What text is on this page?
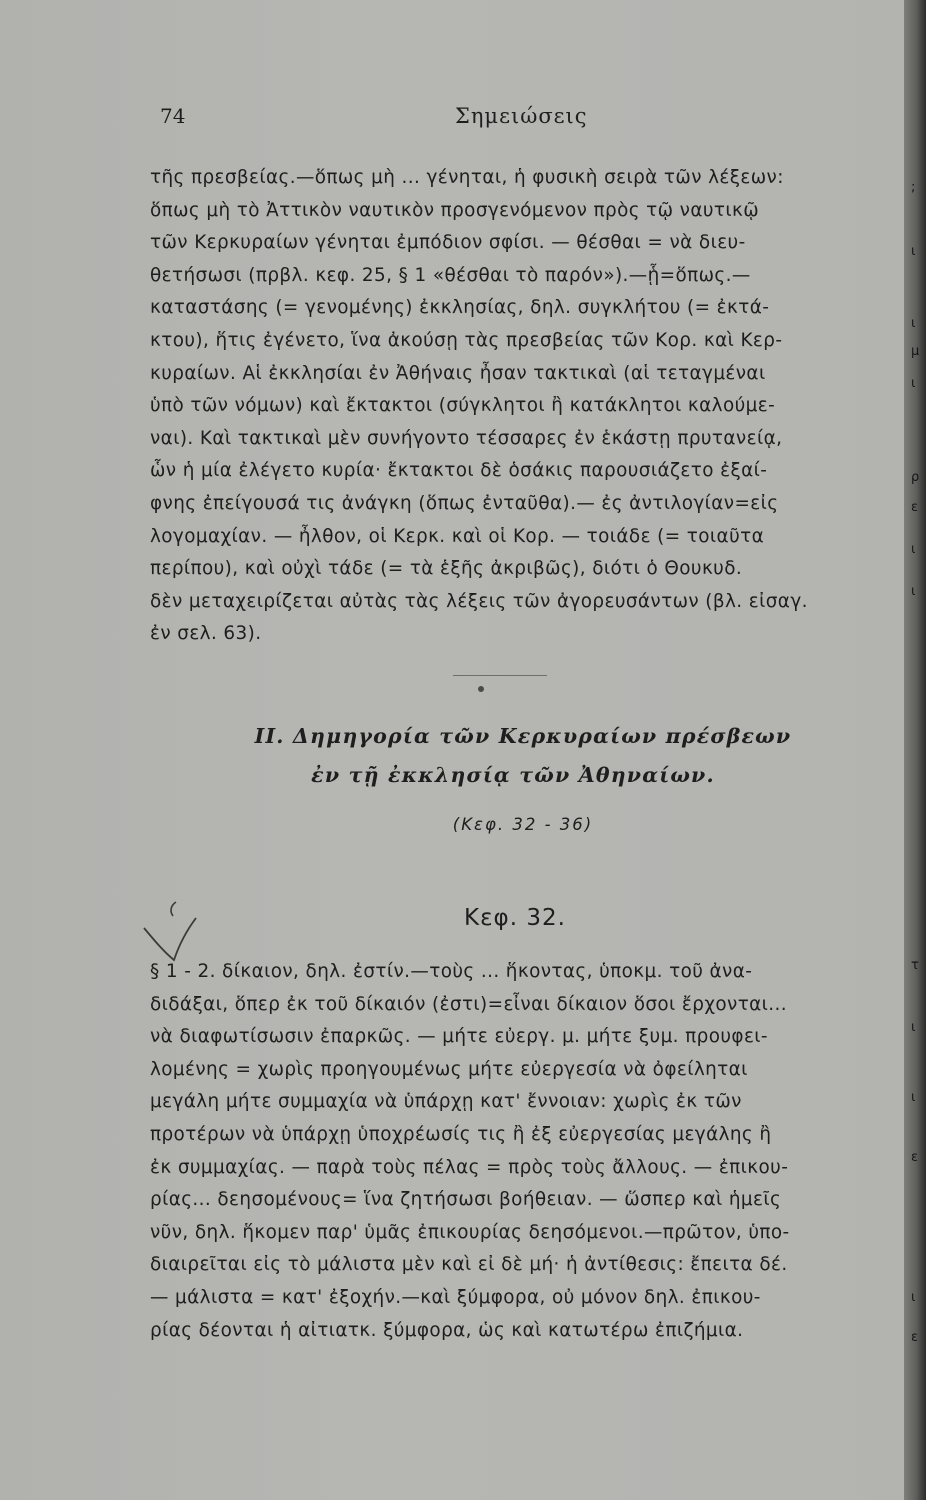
74	Σημειώσεις

τῆς πρεσβείας.—ὅπως μὴ ... γένηται, ἡ φυσικὴ σειρὰ τῶν λέξεων:
ὅπως μὴ τὸ Ἀττικὸν ναυτικὸν προσγενόμενον πρὸς τῷ ναυτικῷ
τῶν Κερκυραίων γένηται ἐμπόδιον σφίσι. — θέσθαι = νὰ διευ-
θετήσωσι (πρβλ. κεφ. 25, § 1 «θέσθαι τὸ παρόν»).—ᾗ=ὅπως.—
καταστάσης (= γενομένης) ἐκκλησίας, δηλ. συγκλήτου (= ἐκτά-
κτου), ἥτις ἐγένετο, ἵνα ἀκούσῃ τὰς πρεσβείας τῶν Κορ. καὶ Κερ-
κυραίων. Αἱ ἐκκλησίαι ἐν Ἀθήναις ἦσαν τακτικαὶ (αἱ τεταγμέναι
ὑπὸ τῶν νόμων) καὶ ἔκτακτοι (σύγκλητοι ἢ κατάκλητοι καλούμε-
ναι). Καὶ τακτικαὶ μὲν συνήγοντο τέσσαρες ἐν ἑκάστῃ πρυτανείᾳ,
ὧν ἡ μία ἐλέγετο κυρία· ἔκτακτοι δὲ ὁσάκις παρουσιάζετο ἐξαί-
φνης ἐπείγουσά τις ἀνάγκη (ὅπως ἐνταῦθα).— ἐς ἀντιλογίαν=εἰς
λογομαχίαν. — ἦλθον, οἱ Κερκ. καὶ οἱ Κορ. — τοιάδε (= τοιαῦτα
περίπου), καὶ οὐχὶ τάδε (= τὰ ἑξῆς ἀκριβῶς), διότι ὁ Θουκυδ.
δὲν μεταχειρίζεται αὐτὰς τὰς λέξεις τῶν ἀγορευσάντων (βλ. εἰσαγ.
ἐν σελ. 63).

II. Δημηγορία τῶν Κερκυραίων πρέσβεων
ἐν τῇ ἐκκλησίᾳ τῶν Ἀθηναίων.
(Κεφ. 32 - 36)
Κεφ. 32.

§ 1 - 2. δίκαιον, δηλ. ἐστίν.—τοὺς ... ἥκοντας, ὑποκμ. τοῦ ἀνα-
διδάξαι, ὅπερ ἐκ τοῦ δίκαιόν (ἐστι)=εἶναι δίκαιον ὅσοι ἔρχονται...
νὰ διαφωτίσωσιν ἐπαρκῶς. — μήτε εὐεργ. μ. μήτε ξυμ. προυφει-
λομένης = χωρὶς προηγουμένως μήτε εὐεργεσία νὰ ὀφείληται
μεγάλη μήτε συμμαχία νὰ ὑπάρχῃ κατ' ἔννοιαν: χωρὶς ἐκ τῶν
προτέρων νὰ ὑπάρχῃ ὑποχρέωσίς τις ἢ ἐξ εὐεργεσίας μεγάλης ἢ
ἐκ συμμαχίας. — παρὰ τοὺς πέλας = πρὸς τοὺς ἄλλους. — ἐπικου-
ρίας... δεησομένους= ἵνα ζητήσωσι βοήθειαν. — ὥσπερ καὶ ἡμεῖς
νῦν, δηλ. ἥκομεν παρ' ὑμᾶς ἐπικουρίας δεησόμενοι.—πρῶτον, ὑπο-
διαιρεῖται εἰς τὸ μάλιστα μὲν καὶ εἰ δὲ μή· ἡ ἀντίθεσις: ἔπειτα δέ.
— μάλιστα = κατ' ἐξοχήν.—καὶ ξύμφορα, οὐ μόνον δηλ. ἐπικου-
ρίας δέονται ἡ αἰτιατκ. ξύμφορα, ὡς καὶ κατωτέρω ἐπιζήμια.

;
ι
ι
μ
ι
ρ
ε
ι
ι
τ
ι
ι
ε
ι
ε
